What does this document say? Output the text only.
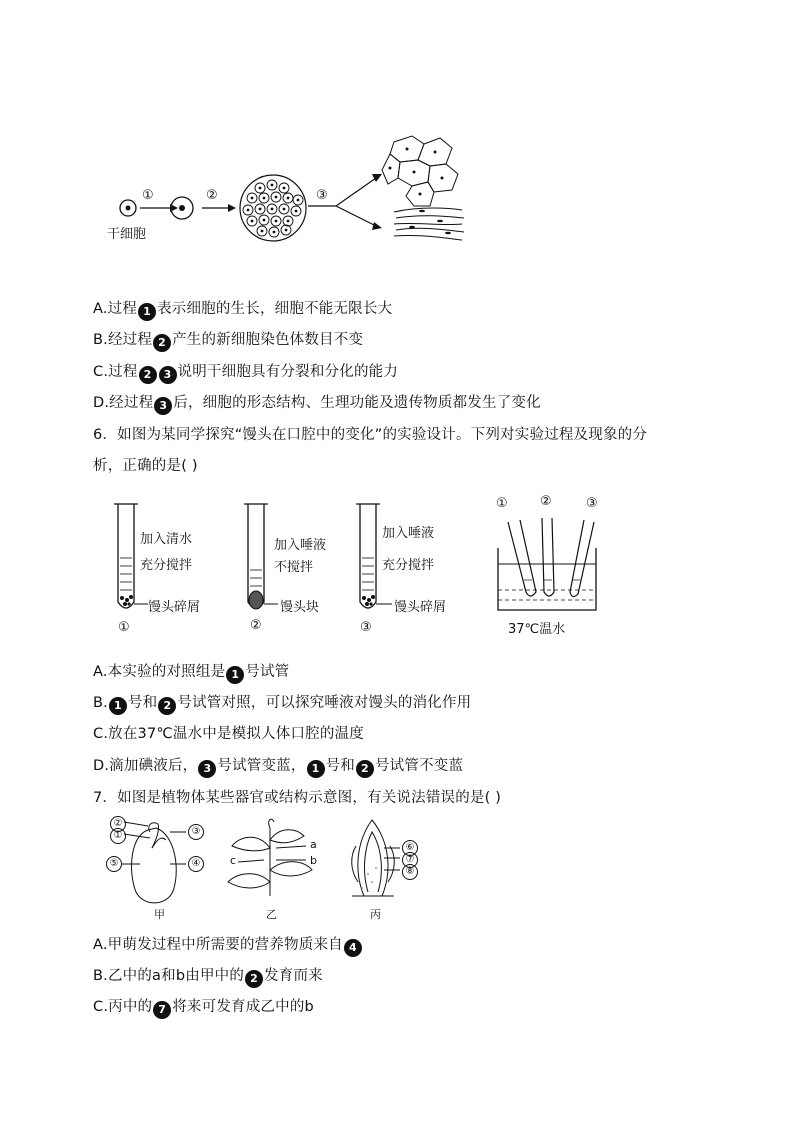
干细胞
①	②	③
A.过程 1 表示细胞的生长，细胞不能无限长大
B.经过程 2 产生的新细胞染色体数目不变
C.过程 2 3 说明干细胞具有分裂和分化的能力
D.经过程 3 后，细胞的形态结构、生理功能及遗传物质都发生了变化
6．如图为某同学探究“馒头在口腔中的变化”的实验设计。下列对实验过程及现象的分
析，正确的是( )
加入清水
充分搅拌
馒头碎屑
①
加入唾液
不搅拌
馒头块
②
加入唾液
充分搅拌
馒头碎屑
③
① ②	③
37℃温水
A.本实验的对照组是 1 号试管
B. 1 号和 2 号试管对照，可以探究唾液对馒头的消化作用
C.放在37℃温水中是模拟人体口腔的温度
D.滴加碘液后， 3 号试管变蓝， 1 号和 2 号试管不变蓝
7．如图是植物体某些器官或结构示意图，有关说法错误的是( )
②
①	③
⑤	④	c
a
b
⑥
⑦
⑧
甲	乙	丙
A.甲萌发过程中所需要的营养物质来自 4
B.乙中的a和b由甲中的 2 发育而来
C.丙中的 7 将来可发育成乙中的b
